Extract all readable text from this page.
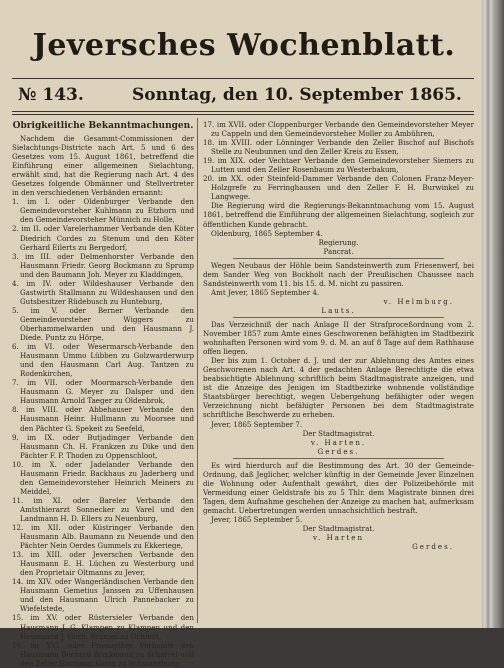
Jeversches Wochenblatt.
№ 143.	Sonntag, den 10. September 1865.
Obrigkeitliche Bekanntmachungen.
Nachdem die Gesammt-Commissionen der Sielachtungs-Districte nach Art. 5 und 6 des Gesetzes vom 15. August 1861, betreffend die Einführung einer allgemeinen Sielachtung, erwählt sind, hat die Regierung nach Art. 4 des Gesetzes folgende Obmänner und Stellvertreter in den verschiedenen Verbänden ernannt:
1. im I. oder Oldenburger Verbande den Gemeindevorsteher Kuhlmann zu Etzhorn und den Gemeindevorsteher Münnich zu Holle,
2. im II. oder Varelerhammer Verbande den Köter Diedrich Cordes zu Stenum und den Köter Gerhard Eilerts zu Bergedorf,
3. im III. oder Delmenhorster Verbande den Hausmann Friedr. Georg Bockmann zu Sprump und den Baumann Joh. Meyer zu Kladdingen,
4. im IV. oder Wildeshauser Verbande den Gastwirth Stallmann zu Wildeshausen und den Gutsbesitzer Rüdebusch zu Hunteburg,
5. im V. oder Berner Verbande den Gemeindevorsteher Wiggers zu Oberhammelwarden und den Hausmann J. Diede. Puntz zu Hörpe,
6. im VI. oder Wesermarsch-Verbande den Hausmann Ummo Lübben zu Golzwarderwurp und den Hausmann Carl Aug. Tantzen zu Rodenkirchen,
7. im VII. oder Moormarsch-Verbande den Hausmann G. Meyer zu Dalsper und den Hausmann Arnold Taeger zu Oldenbrok,
8. im VIII. oder Abbehauser Verbande den Hausmann Heinr. Hullmann zu Moorsee und den Pächter G. Spekeit zu Seefeld,
9. im IX. oder Butjadinger Verbande den Hausmann Ch. H. Frankzen zu Dike und den Pächter F. P. Thoden zu Oppenschloot,
10. im X. oder Jadelander Verbande den Hausmann Friedr. Backhaus zu Jaderberg und den Gemeindevorsteher Heinrich Meiners zu Meiddel,
11. im XI. oder Bareler Verbande den Amtsthierarzt Sonnecker zu Varel und den Landmann H. D. Ellers zu Neuenburg,
12. im XII. oder Küstringer Verbande den Hausmann Alb. Baumann zu Neuende und den Pächter Nein Oerdes Gummels zu Ekkeriege,
13. im XIII. oder Jeverschen Verbande den Hausmann E. H. Lüchen zu Westerburg und den Proprietair Oltmanns zu Jever,
14. im XIV. oder Wangerländischen Verbande den Hausmann Gemetius Janssen zu Uffenhausen und den Hausmann Ulrich Pannebacker zu Wiefelstede,
15. im XV. oder Rüstersieler Verbande den Hausmann J. G. Klampen zu Klampen und den Hausmann J. Gerh. Brünjes zu Ochholt,
16. im XVI. oder Friesoyther Verbande den Hausmann Bernard Brinkmann zu Scharrel und den Zeller Hermann König zu Schwaneburg,
17. im XVII. oder Cloppenburger Verbande den Gemeindevorsteher Meyer zu Cappeln und den Gemeindevorsteher Moller zu Ambühren,
18. im XVIII. oder Lönninger Verbande den Zeller Bischof auf Bischofs Stelle zu Neubunnen und den Zeller Kreis zu Essen,
19. im XIX. oder Vechtaer Verbande den Gemeindevorsteher Siemers zu Lutten und den Zeller Rosenbaum zu Westerbakum,
20. im XX. oder Steinfeld-Dammer Verbande den Colonen Franz-Meyer-Holzgrefe zu Ferringhausen und den Zeller F. H. Burwinkel zu Langwege.
Die Regierung wird die Regierungs-Bekanntmachung vom 15. August 1861, betreffend die Einführung der allgemeinen Sielachtung, sogleich zur öffentlichen Kunde gebracht.
Oldenburg, 1865 September 4.
Regierung.
Pancrat.
Wegen Neubaus der Höhle beim Sandsteinwerth zum Friesenwerf, bei dem Sander Weg von Bockholt nach der Preußischen Chaussee nach Sandsteinwerth vom 11. bis 15. d. M. nicht zu passiren.
Amt Jever, 1865 September 4.
v. Helmburg.
Lauts.
Das Verzeichniß der nach Anlage II der Strafproceßordnung vom 2. November 1857 zum Amte eines Geschworenen befähigten im Stadtbezirk wohnhaften Personen wird vom 9. d. M. an auf 8 Tage auf dem Rathhause offen liegen.
Der bis zum 1. October d. J. und der zur Ablehnung des Amtes eines Geschworenen nach Art. 4 der gedachten Anlage Berechtigte die etwa beabsichtigte Ablehnung schriftlich beim Stadtmagistrate anzeigen, und ist die Anzeige des Jenigen im Stadtbezirke wohnende vollständige Staatsbürger berechtigt, wegen Uebergehung befähigter oder wegen Verzeichnung nicht befähigter Personen bei dem Stadtmagistrate schriftliche Beschwerde zu erheben.
Jever, 1865 September 7.
Der Stadtmagistrat.
v. Harten.
Gerdes.
Es wird hierdurch auf die Bestimmung des Art. 30 der Gemeinde-Ordnung, daß Jeglicher, welcher künftig in der Gemeinde Jever Einzelnen die Wohnung oder Aufenthalt gewährt, dies der Polizeibehörde mit Vermeidung einer Geldstrafe bis zu 5 Thlr. dem Magistrate binnen drei Tagen, dem Aufnahme geschehen der Anzeige zu machen hat, aufmerksam gemacht. Uebertretungen werden unnachsichtlich bestraft.
Jever, 1865 September 5.
Der Stadtmagistrat.
v. Harten
Gerdes.
